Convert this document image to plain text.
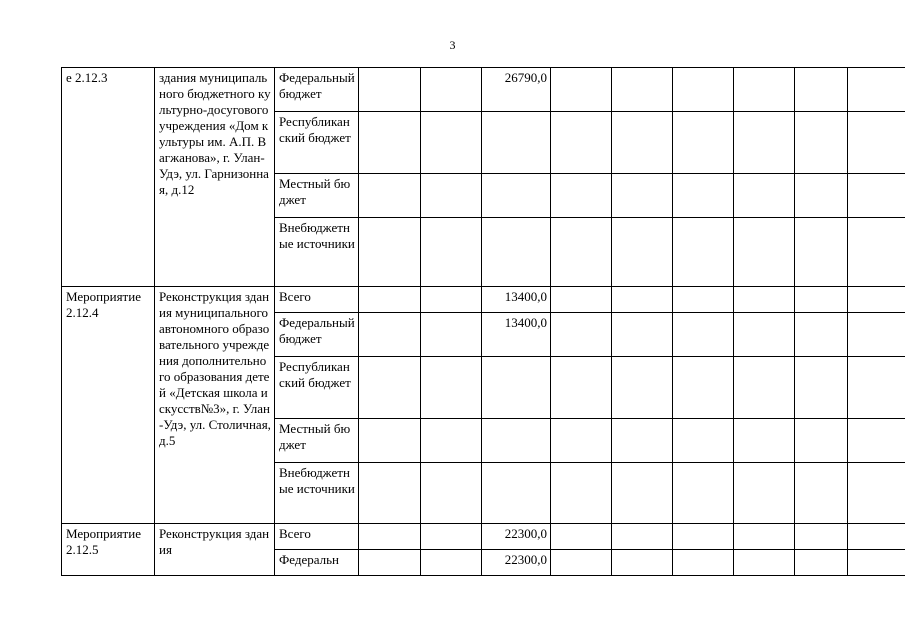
3
е 2.12.3	здания муниципального бюджетного культурно-досугового учреждения «Дом культуры им. А.П. Вагжанова», г. Улан-Удэ, ул. Гарнизонная, д.12	Федеральный бюджет			26790,0						
		Республиканский бюджет									
		Местный бюджет									
		Внебюджетные источники									
Мероприятие 2.12.4	Реконструкция здания муниципального автономного образовательного учреждения дополнительного образования детей «Детская школа искусств№3», г. Улан-Удэ, ул. Столичная, д.5	Всего			13400,0						
		Федеральный бюджет			13400,0						
		Республиканский бюджет									
		Местный бюджет									
		Внебюджетные источники									
Мероприятие 2.12.5	Реконструкция здания	Всего			22300,0						
		Федеральн			22300,0						
